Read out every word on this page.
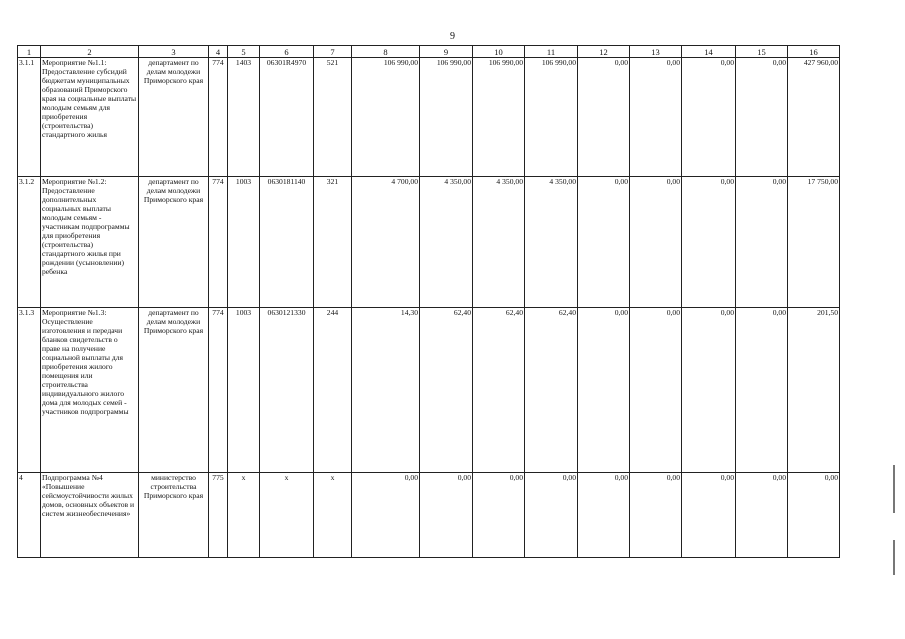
9
1	2	3	4	5	6	7	8	9	10	11	12	13	14	15	16
3.1.1	Мероприятие №1.1: Предоставление субсидий бюджетам муниципальных образований Приморского края на социальные выплаты молодым семьям для приобретения (строительства) стандартного жилья	департамент по делам молодежи Приморского края	774	1403	06301R4970	521	106 990,00	106 990,00	106 990,00	106 990,00	0,00	0,00	0,00	0,00	427 960,00
3.1.2	Мероприятие №1.2: Предоставление дополнительных социальных выплаты молодым семьям - участникам подпрограммы для приобретения (строительства) стандартного жилья при рождении (усыновлении) ребенка	департамент по делам молодежи Приморского края	774	1003	0630181140	321	4 700,00	4 350,00	4 350,00	4 350,00	0,00	0,00	0,00	0,00	17 750,00
3.1.3	Мероприятие №1.3: Осуществление изготовления и передачи бланков свидетельств о праве на получение социальной выплаты для приобретения жилого помещения или строительства индивидуального жилого дома для молодых семей - участников подпрограммы	департамент по делам молодежи Приморского края	774	1003	0630121330	244	14,30	62,40	62,40	62,40	0,00	0,00	0,00	0,00	201,50
4	Подпрограмма №4 «Повышение сейсмоустойчивости жилых домов, основных объектов и систем жизнеобеспечения»	министерство строительства Приморского края	775	х	х	х	0,00	0,00	0,00	0,00	0,00	0,00	0,00	0,00	0,00
